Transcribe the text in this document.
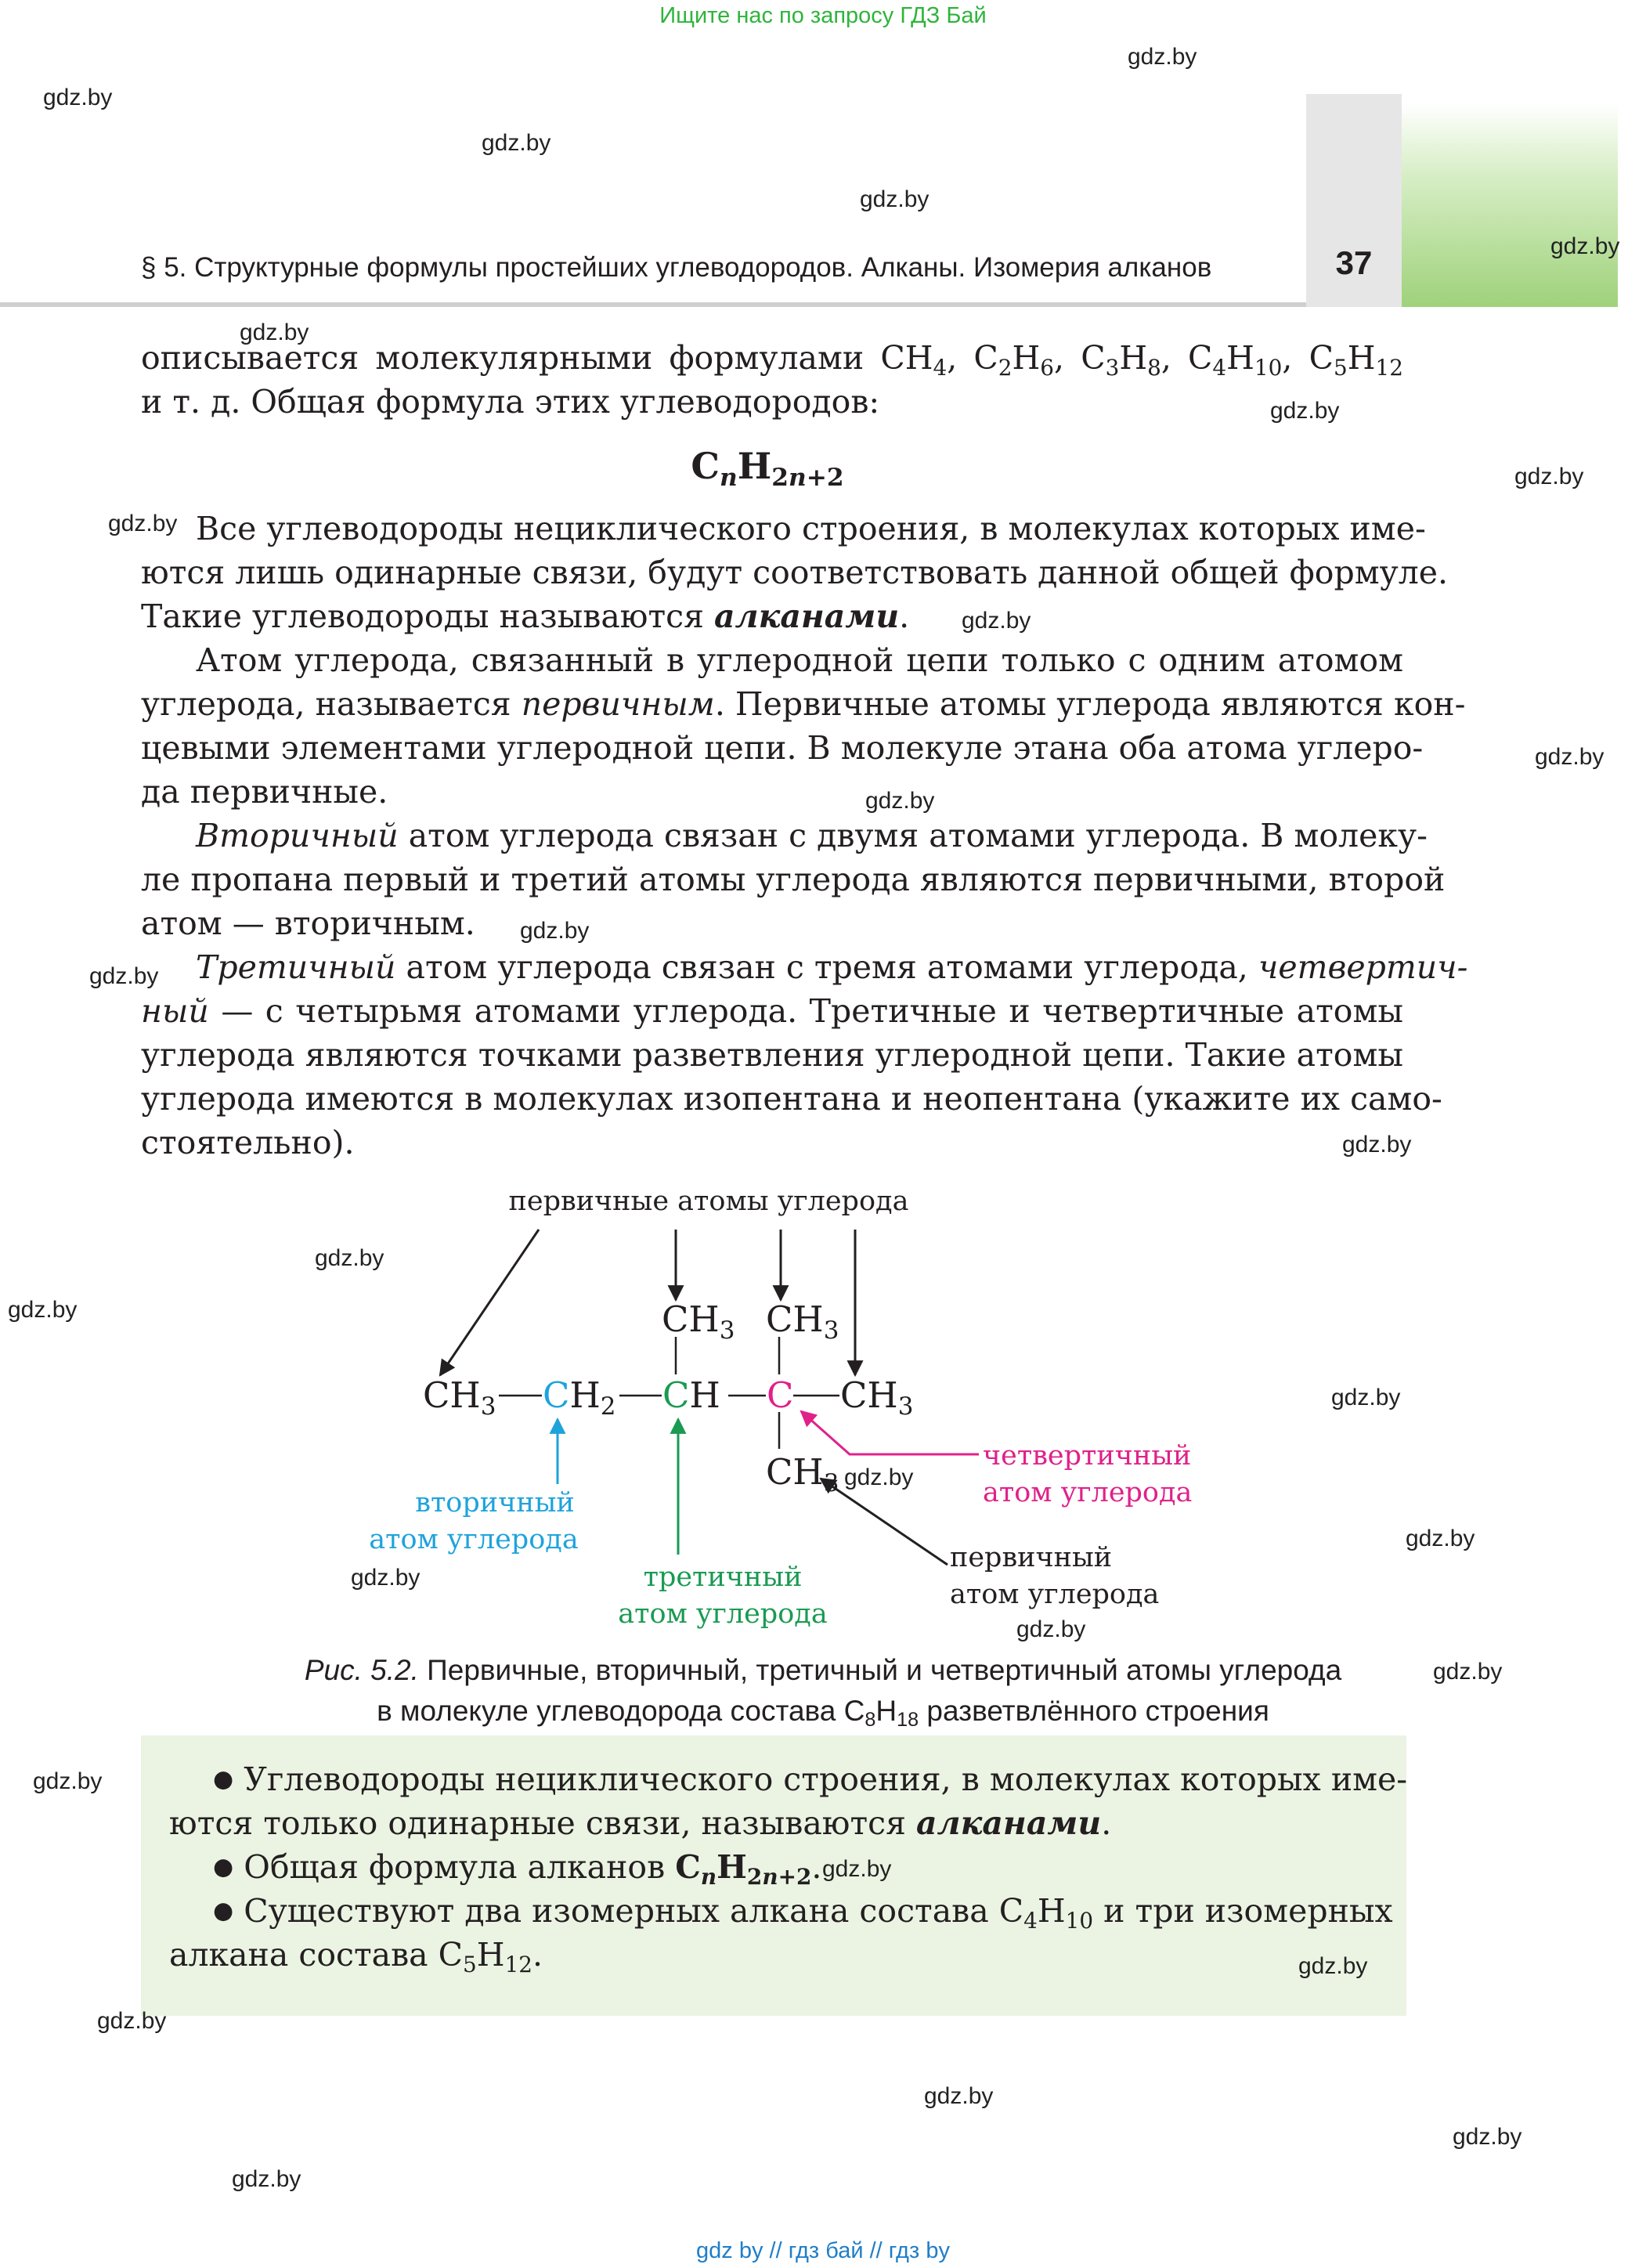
Ищите нас по запросу ГДЗ Бай
§ 5. Структурные формулы простейших углеводородов. Алканы. Изомерия алканов	37
описывается молекулярными формулами $CH_4$, $C_2H_6$, $C_3H_8$, $C_4H_{10}$, $C_5H_{12}$
и т. д. Общая формула этих углеводородов:
$C_nH_{2n+2}$
Все углеводороды нециклического строения, в молекулах которых име-
ются лишь одинарные связи, будут соответствовать данной общей формуле.
Такие углеводороды называются алканами.
Атом углерода, связанный в углеродной цепи только с одним атомом
углерода, называется первичным. Первичные атомы углерода являются кон-
цевыми элементами углеродной цепи. В молекуле этана оба атома углеро-
да первичные.
Вторичный атом углерода связан с двумя атомами углерода. В молеку-
ле пропана первый и третий атомы углерода являются первичными, второй
атом — вторичным.
Третичный атом углерода связан с тремя атомами углерода, четвертич-
ный — с четырьмя атомами углерода. Третичные и четвертичные атомы
углерода являются точками разветвления углеродной цепи. Такие атомы
углерода имеются в молекулах изопентана и неопентана (укажите их само-
стоятельно).
первичные атомы углерода
$CH_3$ $CH_3$
$CH_3$ $CH_2$ CH C $CH_3$
$CH_3$
вторичный
атом углерода
третичный
атом углерода
четвертичный
атом углерода
первичный
атом углерода
Рис. 5.2. Первичные, вторичный, третичный и четвертичный атомы углерода
в молекуле углеводорода состава $C_8H_{18}$ разветвлённого строения
● Углеводороды нециклического строения, в молекулах которых име-
ются только одинарные связи, называются алканами.
● Общая формула алканов $C_nH_{2n+2}$.
● Существуют два изомерных алкана состава $C_4H_{10}$ и три изомерных
алкана состава $C_5H_{12}$.
gdz.by
gdz.by
gdz.by
gdz.by
gdz.by
gdz.by
gdz.by
gdz.by
gdz.by
gdz.by
gdz.by
gdz.by
gdz.by
gdz.by
gdz.by
gdz.by
gdz.by
gdz.by
gdz.by
gdz.by
gdz.by
gdz.by
gdz.by
gdz.by
gdz.by
gdz.by
gdz.by
gdz.by
gdz.by
gdz.by
gdz by // гдз бай // гдз by
